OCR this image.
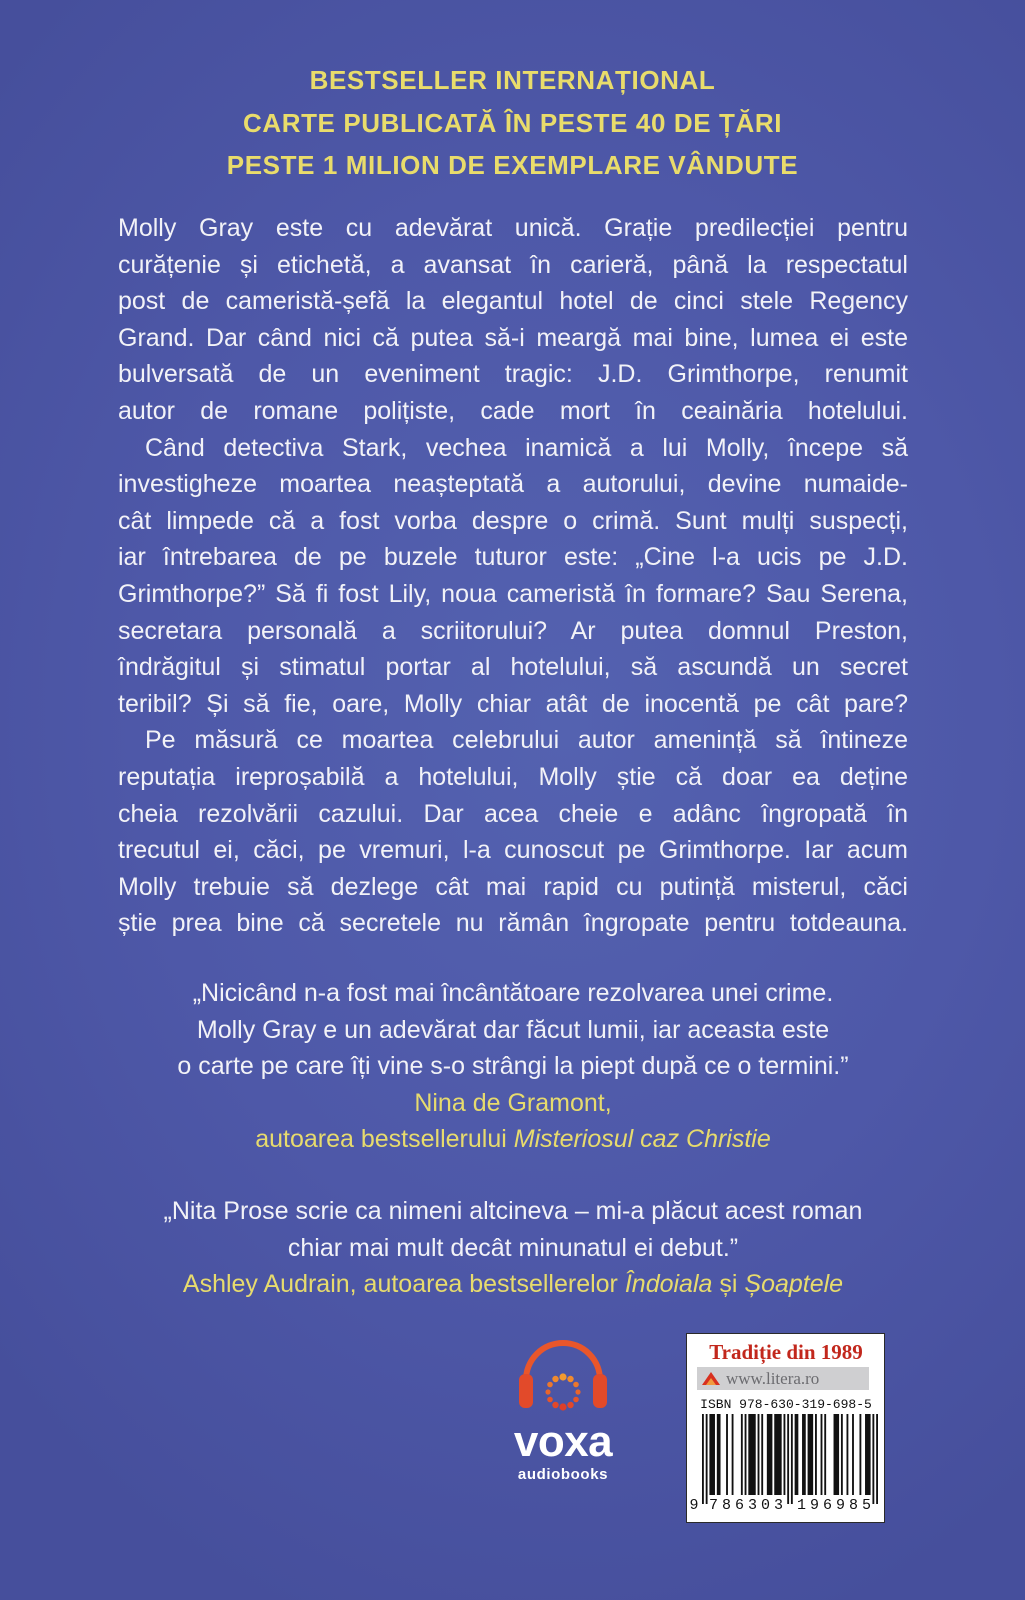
BESTSELLER INTERNAȚIONAL
CARTE PUBLICATĂ ÎN PESTE 40 DE ȚĂRI
PESTE 1 MILION DE EXEMPLARE VÂNDUTE
Molly Gray este cu adevărat unică. Grație predilecției pentru
curățenie și etichetă, a avansat în carieră, până la respectatul
post de cameristă-șefă la elegantul hotel de cinci stele Regency
Grand. Dar când nici că putea să-i meargă mai bine, lumea ei este
bulversată de un eveniment tragic: J.D. Grimthorpe, renumit
autor de romane polițiste, cade mort în ceainăria hotelului.
Când detectiva Stark, vechea inamică a lui Molly, începe să
investigheze moartea neașteptată a autorului, devine numaide-
cât limpede că a fost vorba despre o crimă. Sunt mulți suspecți,
iar întrebarea de pe buzele tuturor este: „Cine l-a ucis pe J.D.
Grimthorpe?” Să fi fost Lily, noua cameristă în formare? Sau Serena,
secretara personală a scriitorului? Ar putea domnul Preston,
îndrăgitul și stimatul portar al hotelului, să ascundă un secret
teribil? Și să fie, oare, Molly chiar atât de inocentă pe cât pare?
Pe măsură ce moartea celebrului autor amenință să întineze
reputația ireproșabilă a hotelului, Molly știe că doar ea deține
cheia rezolvării cazului. Dar acea cheie e adânc îngropată în
trecutul ei, căci, pe vremuri, l-a cunoscut pe Grimthorpe. Iar acum
Molly trebuie să dezlege cât mai rapid cu putință misterul, căci
știe prea bine că secretele nu rămân îngropate pentru totdeauna.
„Nicicând n-a fost mai încântătoare rezolvarea unei crime.
Molly Gray e un adevărat dar făcut lumii, iar aceasta este
o carte pe care îți vine s-o strângi la piept după ce o termini.”
Nina de Gramont,
autoarea bestsellerului Misteriosul caz Christie
„Nita Prose scrie ca nimeni altcineva – mi-a plăcut acest roman
chiar mai mult decât minunatul ei debut.”
Ashley Audrain, autoarea bestsellerelor Îndoiala și Șoaptele
voxa
audiobooks
Tradiție din 1989
www.litera.ro
ISBN 978-630-319-698-5
9 786303 196985
